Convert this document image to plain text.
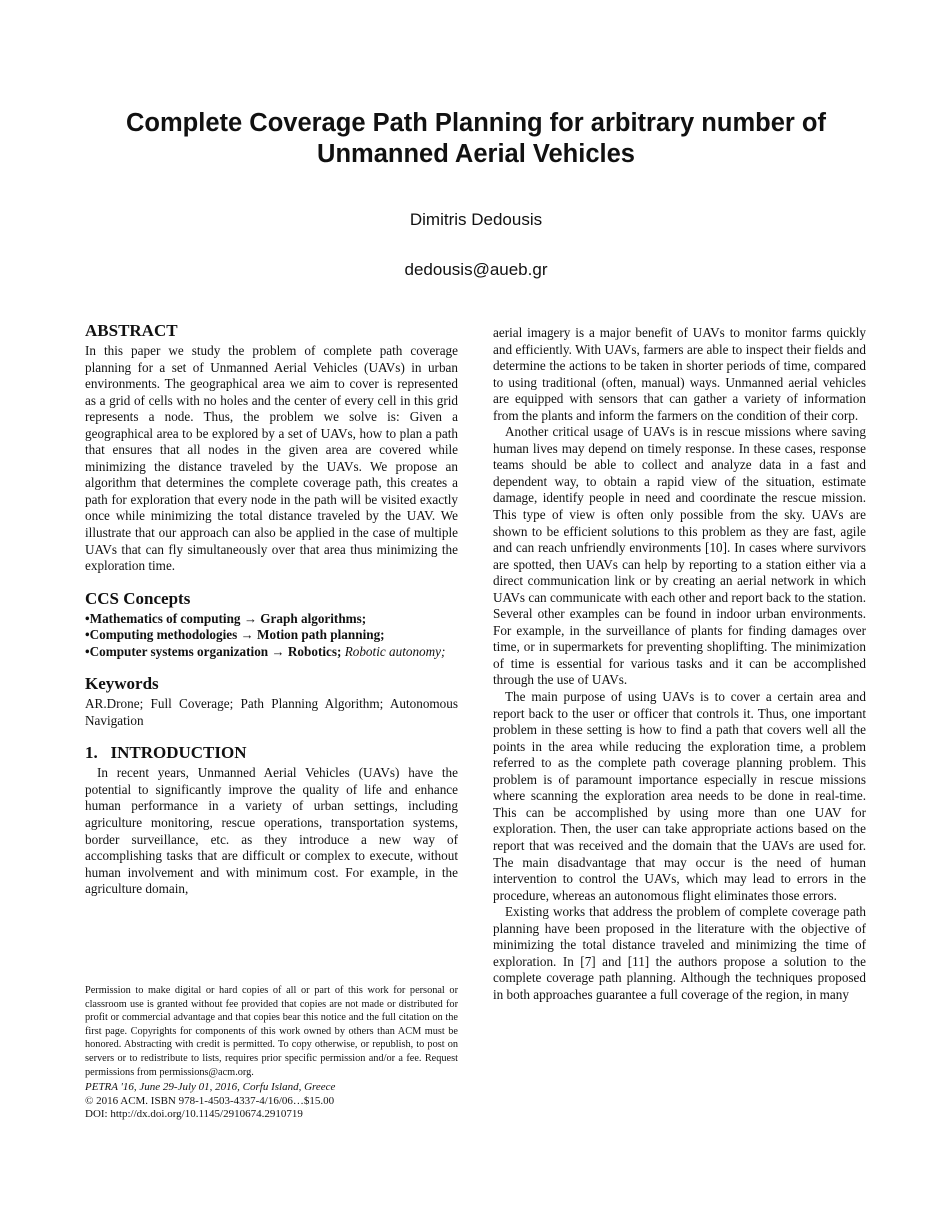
Complete Coverage Path Planning for arbitrary number of Unmanned Aerial Vehicles
Dimitris Dedousis
dedousis@aueb.gr
ABSTRACT

In this paper we study the problem of complete path coverage planning for a set of Unmanned Aerial Vehicles (UAVs) in urban environments. The geographical area we aim to cover is represented as a grid of cells with no holes and the center of every cell in this grid represents a node. Thus, the problem we solve is: Given a geographical area to be explored by a set of UAVs, how to plan a path that ensures that all nodes in the given area are covered while minimizing the distance traveled by the UAVs. We propose an algorithm that determines the complete coverage path, this creates a path for exploration that every node in the path will be visited exactly once while minimizing the total distance traveled by the UAV. We illustrate that our approach can also be applied in the case of multiple UAVs that can fly simultaneously over that area thus minimizing the exploration time.

CCS Concepts

•Mathematics of computing → Graph algorithms;

•Computing methodologies → Motion path planning;

•Computer systems organization → Robotics; Robotic autonomy;

Keywords

AR.Drone; Full Coverage; Path Planning Algorithm; Autonomous Navigation

1.   INTRODUCTION

In recent years, Unmanned Aerial Vehicles (UAVs) have the potential to significantly improve the quality of life and enhance human performance in a variety of urban settings, including agriculture monitoring, rescue operations, transportation systems, border surveillance, etc. as they introduce a new way of accomplishing tasks that are difficult or complex to execute, without human involvement and with minimum cost. For example, in the agriculture domain,

Permission to make digital or hard copies of all or part of this work for personal or classroom use is granted without fee provided that copies are not made or distributed for profit or commercial advantage and that copies bear this notice and the full citation on the first page. Copyrights for components of this work owned by others than ACM must be honored. Abstracting with credit is permitted. To copy otherwise, or republish, to post on servers or to redistribute to lists, requires prior specific permission and/or a fee. Request permissions from permissions@acm.org.

PETRA '16, June 29-July 01, 2016, Corfu Island, Greece

© 2016 ACM. ISBN 978-1-4503-4337-4/16/06…$15.00

DOI: http://dx.doi.org/10.1145/2910674.2910719

aerial imagery is a major benefit of UAVs to monitor farms quickly and efficiently. With UAVs, farmers are able to inspect their fields and determine the actions to be taken in shorter periods of time, compared to using traditional (often, manual) ways. Unmanned aerial vehicles are equipped with sensors that can gather a variety of information from the plants and inform the farmers on the condition of their corp.

Another critical usage of UAVs is in rescue missions where saving human lives may depend on timely response. In these cases, response teams should be able to collect and analyze data in a fast and dependent way, to obtain a rapid view of the situation, estimate damage, identify people in need and coordinate the rescue mission. This type of view is often only possible from the sky. UAVs are shown to be efficient solutions to this problem as they are fast, agile and can reach unfriendly environments [10]. In cases where survivors are spotted, then UAVs can help by reporting to a station either via a direct communication link or by creating an aerial network in which UAVs can communicate with each other and report back to the station. Several other examples can be found in indoor urban environments. For example, in the surveillance of plants for finding damages over time, or in supermarkets for preventing shoplifting. The minimization of time is essential for various tasks and it can be accomplished through the use of UAVs.

The main purpose of using UAVs is to cover a certain area and report back to the user or officer that controls it. Thus, one important problem in these setting is how to find a path that covers well all the points in the area while reducing the exploration time, a problem referred to as the complete path coverage planning problem. This problem is of paramount importance especially in rescue missions where scanning the exploration area needs to be done in real-time. This can be accomplished by using more than one UAV for exploration. Then, the user can take appropriate actions based on the report that was received and the domain that the UAVs are used for. The main disadvantage that may occur is the need of human intervention to control the UAVs, which may lead to errors in the procedure, whereas an autonomous flight eliminates those errors.

Existing works that address the problem of complete coverage path planning have been proposed in the literature with the objective of minimizing the total distance traveled and minimizing the time of exploration. In [7] and [11] the authors propose a solution to the complete coverage path planning. Although the techniques proposed in both approaches guarantee a full coverage of the region, in many
